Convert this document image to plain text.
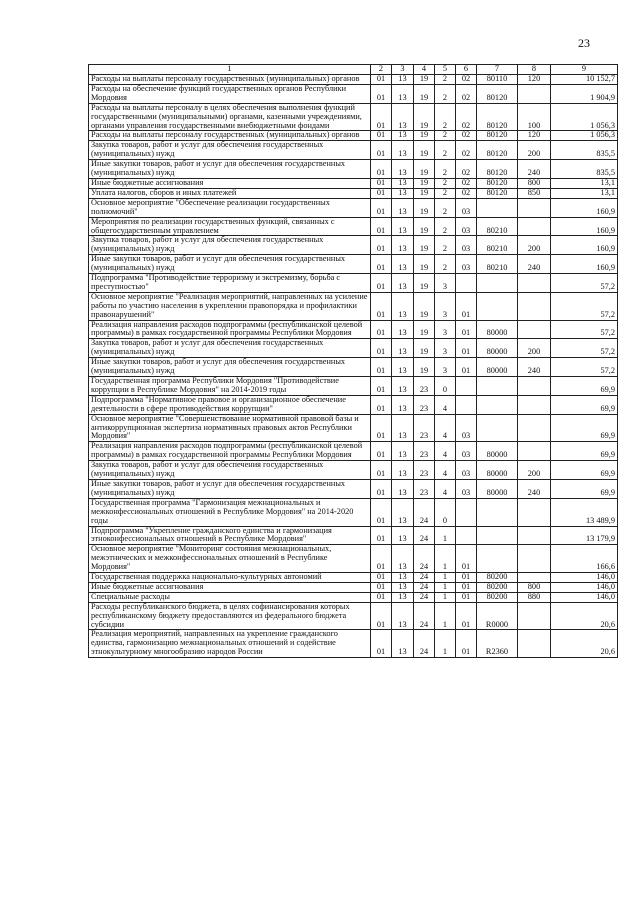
23
1	2	3	4	5	6	7	8	9
Расходы на выплаты персоналу государственных (муниципальных) органов	01	13	19	2	02	80110	120	10 152,7
Расходы на обеспечение функций государственных органов Республики Мордовия	01	13	19	2	02	80120		1 904,9
Расходы на выплаты персоналу в целях обеспечения выполнения функций государственными (муниципальными) органами, казенными учреждениями, органами управления государственными внебюджетными фондами	01	13	19	2	02	80120	100	1 056,3
Расходы на выплаты персоналу государственных (муниципальных) органов	01	13	19	2	02	80120	120	1 056,3
Закупка товаров, работ и услуг для обеспечения государственных (муниципальных) нужд	01	13	19	2	02	80120	200	835,5
Иные закупки товаров, работ и услуг для обеспечения государственных (муниципальных) нужд	01	13	19	2	02	80120	240	835,5
Иные бюджетные ассигнования	01	13	19	2	02	80120	800	13,1
Уплата налогов, сборов и иных платежей	01	13	19	2	02	80120	850	13,1
Основное мероприятие "Обеспечение реализации государственных полномочий"	01	13	19	2	03			160,9
Мероприятия по реализации государственных функций, связанных с общегосударственным управлением	01	13	19	2	03	80210		160,9
Закупка товаров, работ и услуг для обеспечения государственных (муниципальных) нужд	01	13	19	2	03	80210	200	160,9
Иные закупки товаров, работ и услуг для обеспечения государственных (муниципальных) нужд	01	13	19	2	03	80210	240	160,9
Подпрограмма "Противодействие терроризму и экстремизму, борьба с преступностью"	01	13	19	3				57,2
Основное мероприятие "Реализация мероприятий, направленных на усиление работы по участию населения в укреплении правопорядка и профилактики правонарушений"	01	13	19	3	01			57,2
Реализация направления расходов подпрограммы (республиканской целевой программы) в рамках государственной программы Республики Мордовия	01	13	19	3	01	80000		57,2
Закупка товаров, работ и услуг для обеспечения государственных (муниципальных) нужд	01	13	19	3	01	80000	200	57,2
Иные закупки товаров, работ и услуг для обеспечения государственных (муниципальных) нужд	01	13	19	3	01	80000	240	57,2
Государственная программа Республики Мордовия "Противодействие коррупции в Республике Мордовия" на 2014-2019 годы	01	13	23	0				69,9
Подпрограмма "Нормативное правовое и организационное обеспечение деятельности в сфере противодействия коррупции"	01	13	23	4				69,9
Основное мероприятие "Совершенствование нормативной правовой базы и антикоррупционная экспертиза нормативных правовых актов Республики Мордовия"	01	13	23	4	03			69,9
Реализация направления расходов подпрограммы (республиканской целевой программы) в рамках государственной программы Республики Мордовия	01	13	23	4	03	80000		69,9
Закупка товаров, работ и услуг для обеспечения государственных (муниципальных) нужд	01	13	23	4	03	80000	200	69,9
Иные закупки товаров, работ и услуг для обеспечения государственных (муниципальных) нужд	01	13	23	4	03	80000	240	69,9
Государственная программа "Гармонизация межнациональных и межконфессиональных отношений в Республике Мордовия" на 2014-2020 годы	01	13	24	0				13 489,9
Подпрограмма "Укрепление гражданского единства и гармонизация этноконфессиональных отношений в Республике Мордовия"	01	13	24	1				13 179,9
Основное мероприятие "Мониторинг состояния межнациональных, межэтнических и межконфессиональных отношений в Республике Мордовия"	01	13	24	1	01			166,6
Государственная поддержка национально-культурных автономий	01	13	24	1	01	80200		146,0
Иные бюджетные ассигнования	01	13	24	1	01	80200	800	146,0
Специальные расходы	01	13	24	1	01	80200	880	146,0
Расходы республиканского бюджета, в целях софинансирования которых республиканскому бюджету предоставляются из федерального бюджета субсидии	01	13	24	1	01	R0000		20,6
Реализация мероприятий, направленных на укрепление гражданского единства, гармонизацию межнациональных отношений и содействие этнокультурному многообразию народов России	01	13	24	1	01	R2360		20,6
